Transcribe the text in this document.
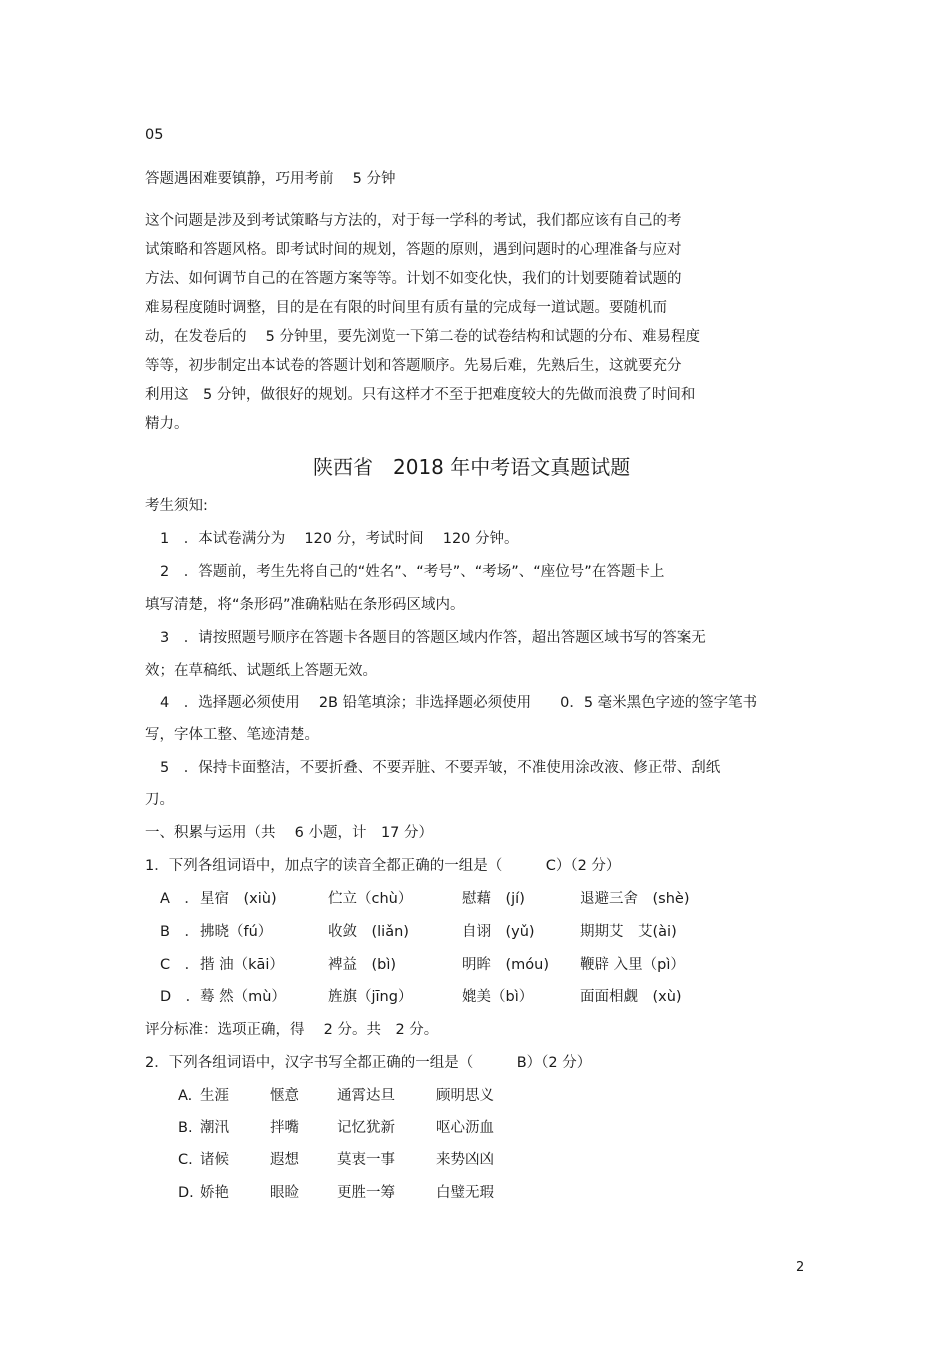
05
答题遇困难要镇静，巧用考前　 5 分钟
这个问题是涉及到考试策略与方法的，对于每一学科的考试，我们都应该有自己的考
试策略和答题风格。即考试时间的规划，答题的原则，遇到问题时的心理准备与应对
方法、如何调节自己的在答题方案等等。计划不如变化快，我们的计划要随着试题的
难易程度随时调整，目的是在有限的时间里有质有量的完成每一道试题。要随机而
动，在发卷后的　 5 分钟里，要先浏览一下第二卷的试卷结构和试题的分布、难易程度
等等，初步制定出本试卷的答题计划和答题顺序。先易后难，先熟后生，这就要充分
利用这　5 分钟，做很好的规划。只有这样才不至于把难度较大的先做而浪费了时间和
精力。
陕西省　2018 年中考语文真题试题
考生须知:
1　．本试卷满分为　 120 分，考试时间　 120 分钟。
2　．答题前，考生先将自己的“姓名”、“考号”、“考场”、“座位号”在答题卡上
填写清楚，将“条形码”准确粘贴在条形码区域内。
3　．请按照题号顺序在答题卡各题目的答题区域内作答，超出答题区域书写的答案无
效；在草稿纸、试题纸上答题无效。
4　．选择题必须使用　 2B 铅笔填涂；非选择题必须使用　　0．5 毫米黑色字迹的签字笔书
写，字体工整、笔迹清楚。
5　．保持卡面整洁，不要折叠、不要弄脏、不要弄皱，不准使用涂改液、修正带、刮纸
刀。
一、积累与运用（共　 6 小题，计　17 分）
1．下列各组词语中，加点字的读音全都正确的一组是（　　　C）（2 分）
A　． 星宿　(xiù)	伫立（chù）	慰藉　(jí)	退避三舍　(shè)
B　． 拂晓（fú）	收敛　(liǎn)	自诩　(yǔ)	期期艾　艾(ài)
C　． 揩 油（kāi）	裨益　(bì)	明眸　(móu) 鞭辟 入里（pì）
D　． 蓦 然（mù）	旌旗（jīng）	媲美（bì）	面面相觑　(xù)
评分标准：选项正确，得　 2 分。共　2 分。
2．下列各组词语中，汉字书写全都正确的一组是（　　　B）（2 分）
A. 生涯	惬意	通霄达旦	顾明思义
B. 潮汛	拌嘴	记忆犹新	呕心沥血
C. 诸候	遐想	莫衷一事	来势凶凶
D. 娇艳	眼睑	更胜一筹	白璧无瑕
2
